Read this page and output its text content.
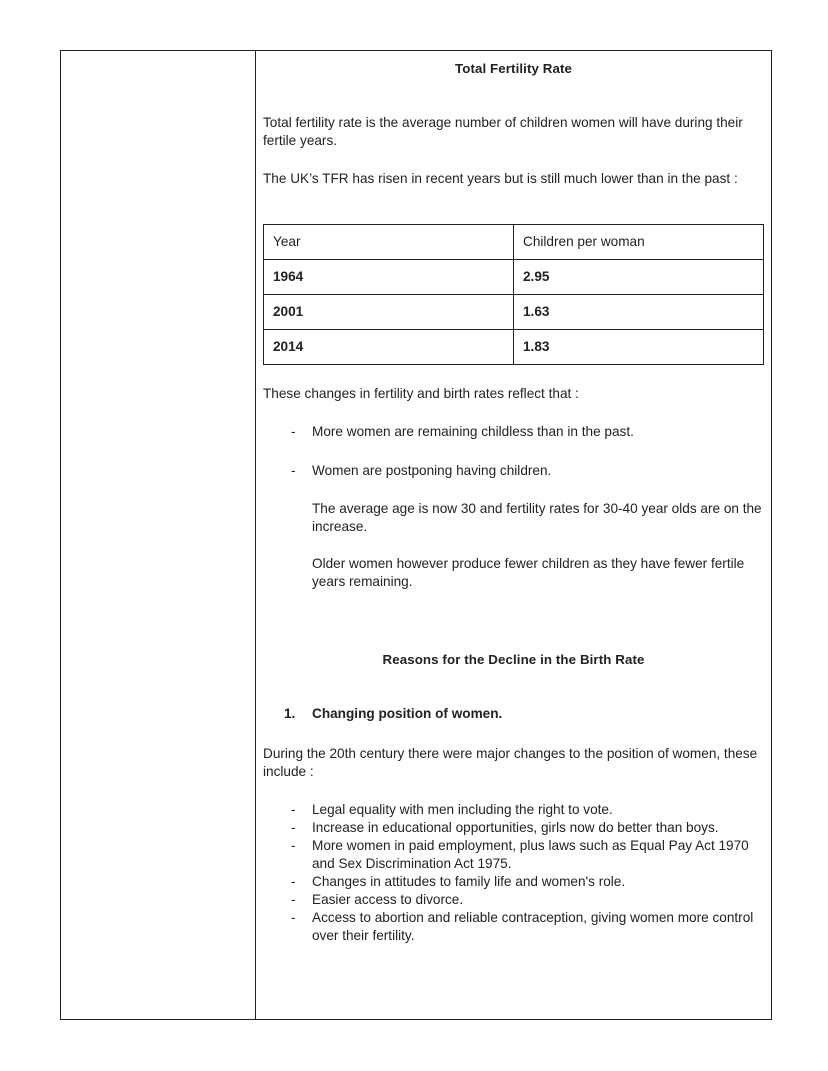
Total Fertility Rate

Total fertility rate is the average number of children women will have during their fertile years.

The UK’s TFR has risen in recent years but is still much lower than in the past :

Year	Children per woman
1964	2.95
2001	1.63
2014	1.83

These changes in fertility and birth rates reflect that :

- More women are remaining childless than in the past.
- Women are postponing having children.

The average age is now 30 and fertility rates for 30-40 year olds are on the increase.

Older women however produce fewer children as they have fewer fertile years remaining.

Reasons for the Decline in the Birth Rate
1. Changing position of women.

During the 20th century there were major changes to the position of women, these include :

- Legal equality with men including the right to vote.
- Increase in educational opportunities, girls now do better than boys.
- More women in paid employment, plus laws such as Equal Pay Act 1970 and Sex Discrimination Act 1975.
- Changes in attitudes to family life and women's role.
- Easier access to divorce.
- Access to abortion and reliable contraception, giving women more control over their fertility.
